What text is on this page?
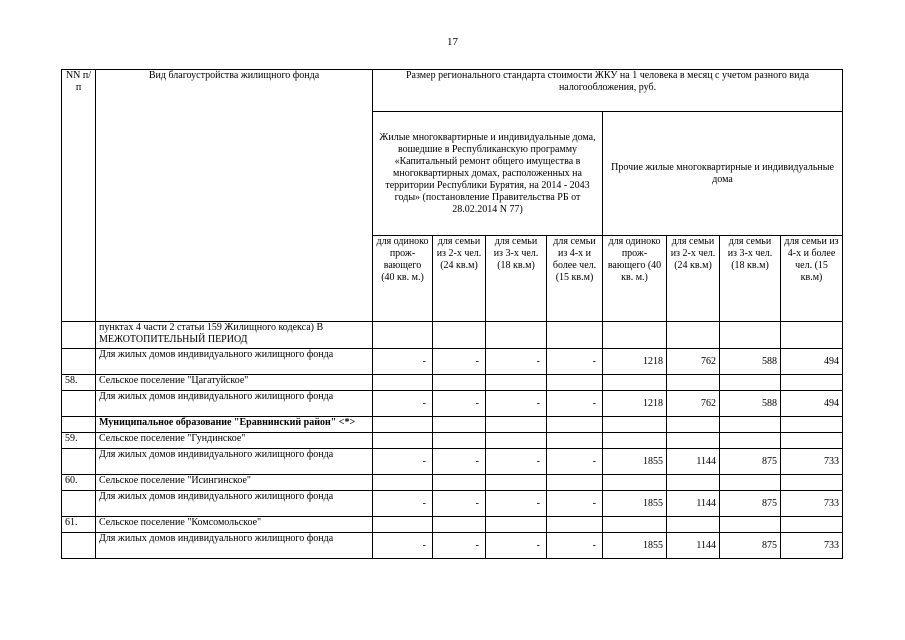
17
NN п/п	Вид благоустройства жилищного фонда	Размер регионального стандарта стоимости ЖКУ на 1 человека в месяц с учетом разного вида налогообложения, руб.							
		Жилые многоквартирные и индивидуальные дома, вошедшие в Республиканскую программу «Капитальный ремонт общего имущества в многоквартирных домах, расположенных на территории Республики Бурятия, на 2014 - 2043 годы» (постановление Правительства РБ от 28.02.2014 N 77)				Прочие жилые многоквартирные и индивидуальные дома			
		для одиноко прож-вающего (40 кв. м.)	для семьи из 2-х чел. (24 кв.м)	для семьи из 3-х чел. (18 кв.м)	для семьи из 4-х и более чел. (15 кв.м)	для одиноко прож-вающего (40 кв. м.)	для семьи из 2-х чел. (24 кв.м)	для семьи из 3-х чел. (18 кв.м)	для семьи из 4-х и более чел. (15 кв.м)
	пунктах 4 части 2 статьи 159 Жилищного кодекса) В МЕЖОТОПИТЕЛЬНЫЙ ПЕРИОД								
	Для жилых домов индивидуального жилищного фонда	-	-	-	-	1218	762	588	494
58.	Сельское поселение "Цагатуйское"								
	Для жилых домов индивидуального жилищного фонда	-	-	-	-	1218	762	588	494
	Муниципальное образование "Еравнинский район" <*>								
59.	Сельское поселение "Гундинское"								
	Для жилых домов индивидуального жилищного фонда	-	-	-	-	1855	1144	875	733
60.	Сельское поселение "Исингинское"								
	Для жилых домов индивидуального жилищного фонда	-	-	-	-	1855	1144	875	733
61.	Сельское поселение "Комсомольское"								
	Для жилых домов индивидуального жилищного фонда	-	-	-	-	1855	1144	875	733
